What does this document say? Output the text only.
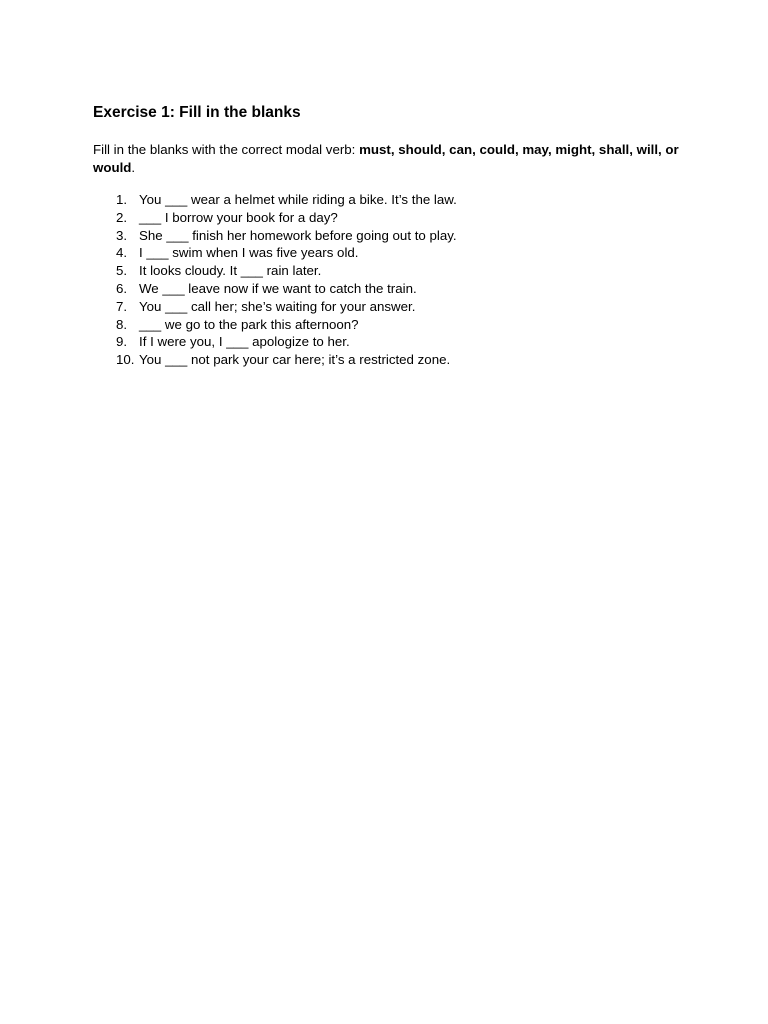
Exercise 1: Fill in the blanks

Fill in the blanks with the correct modal verb: must, should, can, could, may, might, shall, will, or would.

1. You ___ wear a helmet while riding a bike. It’s the law.
2. ___ I borrow your book for a day?
3. She ___ finish her homework before going out to play.
4. I ___ swim when I was five years old.
5. It looks cloudy. It ___ rain later.
6. We ___ leave now if we want to catch the train.
7. You ___ call her; she’s waiting for your answer.
8. ___ we go to the park this afternoon?
9. If I were you, I ___ apologize to her.
10. You ___ not park your car here; it’s a restricted zone.
